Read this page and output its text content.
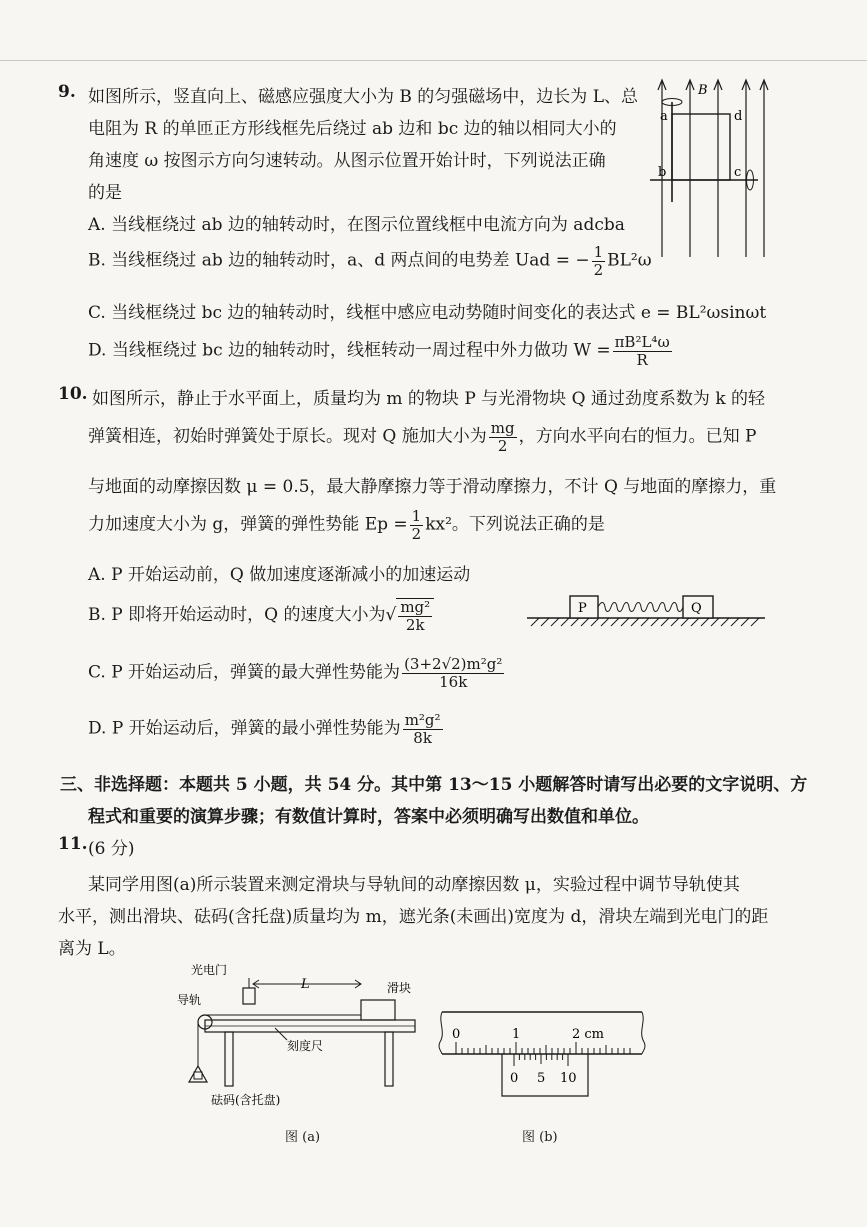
9. 如图所示，竖直向上、磁感应强度大小为 B 的匀强磁场中，边长为 L、总
电阻为 R 的单匝正方形线框先后绕过 ab 边和 bc 边的轴以相同大小的
角速度 ω 按图示方向匀速转动。从图示位置开始计时，下列说法正确
的是
A. 当线框绕过 ab 边的轴转动时，在图示位置线框中电流方向为 adcba
B. 当线框绕过 ab 边的轴转动时，a、d 两点间的电势差 Uad = − $\frac{1}{2} BL^2\omega$
C. 当线框绕过 bc 边的轴转动时，线框中感应电动势随时间变化的表达式 e = BL²ωsinωt
D. 当线框绕过 bc 边的轴转动时，线框转动一周过程中外力做功 $W = \frac{\text{πB²L⁴ω}}{R}$
B
a	d
b	c
10. 如图所示，静止于水平面上，质量均为 m 的物块 P 与光滑物块 Q 通过劲度系数为 k 的轻
弹簧相连，初始时弹簧处于原长。现对 Q 施加大小为 $\frac{mg}{2}$ ，方向水平向右的恒力。已知 P
与地面的动摩擦因数 μ = 0.5，最大静摩擦力等于滑动摩擦力，不计 Q 与地面的摩擦力，重
力加速度大小为 g，弹簧的弹性势能 $Ep = \frac{1}{2} kx^2$。下列说法正确的是
A. P 开始运动前，Q 做加速度逐渐减小的加速运动
B. P 即将开始运动时，Q 的速度大小为√ $\frac{\text{mg²}}{2k}$
C. P 开始运动后，弹簧的最大弹性势能为 $\frac{\text{(3+2√2)m²g²}}{16k}$
D. P 开始运动后，弹簧的最小弹性势能为 $\frac{\text{m²g²}}{8k}$
P	Q
三、非选择题：本题共 5 小题，共 54 分。其中第 13～15 小题解答时请写出必要的文字说明、方
程式和重要的演算步骤；有数值计算时，答案中必须明确写出数值和单位。
11. (6 分)
某同学用图(a)所示装置来测定滑块与导轨间的动摩擦因数 μ，实验过程中调节导轨使其
水平，测出滑块、砝码(含托盘)质量均为 m，遮光条(未画出)宽度为 d，滑块左端到光电门的距
离为 L。
光电门
L	滑块
导轨
刻度尺
砝码(含托盘)
图 (a)
0	1	2 cm
0 5 10
图 (b)
